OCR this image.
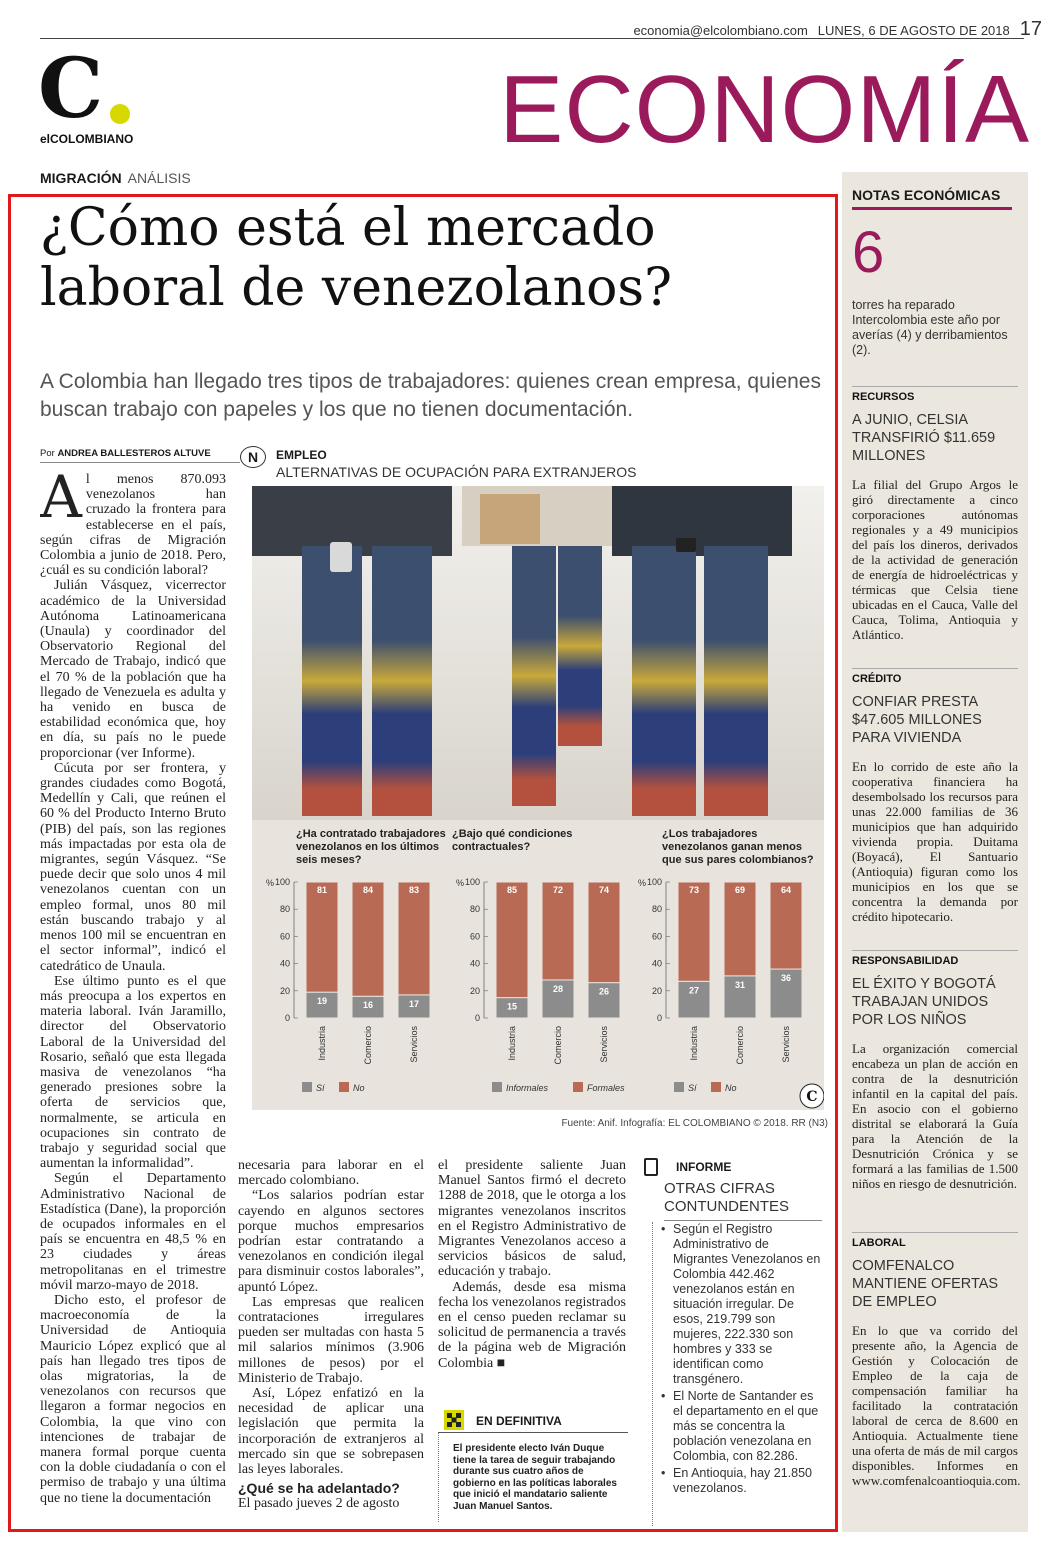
economia@elcolombiano.com LUNES, 6 DE AGOSTO DE 2018 17
C
elCOLOMBIANO	ECONOMÍA
MIGRACIÓN ANÁLISIS
NOTAS ECONÓMICAS
6
torres ha reparado Intercolombia este año por averías (4) y derribamientos (2).
RECURSOS
A JUNIO, CELSIA TRANSFIRIÓ $11.659 MILLONES
La filial del Grupo Argos le giró directamente a cinco corporaciones autónomas regionales y a 49 municipios del país los dineros, derivados de la actividad de generación de energía de hidroeléctricas y térmicas que Celsia tiene ubicadas en el Cauca, Valle del Cauca, Tolima, Antioquia y Atlántico.
CRÉDITO
CONFIAR PRESTA $47.605 MILLONES PARA VIVIENDA
En lo corrido de este año la cooperativa financiera ha desembolsado los recursos para unas 22.000 familias de 36 municipios que han adquirido vivienda propia. Duitama (Boyacá), El Santuario (Antioquia) figuran como los municipios en los que se concentra la demanda por crédito hipotecario.
RESPONSABILIDAD
EL ÉXITO Y BOGOTÁ TRABAJAN UNIDOS POR LOS NIÑOS
La organización comercial encabeza un plan de acción en contra de la desnutrición infantil en la capital del país. En asocio con el gobierno distrital se elaborará la Guía para la Atención de la Desnutrición Crónica y se formará a las familias de 1.500 niños en riesgo de desnutrición.
LABORAL
COMFENALCO MANTIENE OFERTAS DE EMPLEO
En lo que va corrido del presente año, la Agencia de Gestión y Colocación de Empleo de la caja de compensación familiar ha facilitado la contratación laboral de cerca de 8.600 en Antioquia. Actualmente tiene una oferta de más de mil cargos disponibles. Informes en www.comfenalcoantioquia.com.
¿Cómo está el mercado
laboral de venezolanos?
A Colombia han llegado tres tipos de trabajadores: quienes crean empresa, quienes buscan trabajo con papeles y los que no tienen documentación.
Por ANDREA BALLESTEROS ALTUVE

Al menos 870.093 venezolanos han cruzado la frontera para establecerse en el país, según cifras de Migración Colombia a junio de 2018. Pero, ¿cuál es su condición laboral?

Julián Vásquez, vicerrector académico de la Universidad Autónoma Latinoamericana (Unaula) y coordinador del Observatorio Regional del Mercado de Trabajo, indicó que el 70 % de la población que ha llegado de Venezuela es adulta y ha venido en busca de estabilidad económica que, hoy en día, su país no le puede proporcionar (ver Informe).

Cúcuta por ser frontera, y grandes ciudades como Bogotá, Medellín y Cali, que reúnen el 60 % del Producto Interno Bruto (PIB) del país, son las regiones más impactadas por esta ola de migrantes, según Vásquez. “Se puede decir que solo unos 4 mil venezolanos cuentan con un empleo formal, unos 80 mil están buscando trabajo y al menos 100 mil se encuentran en el sector informal”, indicó el catedrático de Unaula.

Ese último punto es el que más preocupa a los expertos en materia laboral. Iván Jaramillo, director del Observatorio Laboral de la Universidad del Rosario, señaló que esta llegada masiva de venezolanos “ha generado presiones sobre la oferta de servicios que, normalmente, se articula en ocupaciones sin contrato de trabajo y seguridad social que aumentan la informalidad”.

Según el Departamento Administrativo Nacional de Estadística (Dane), la proporción de ocupados informales en el país se encuentra en 48,5 % en 23 ciudades y áreas metropolitanas en el trimestre móvil marzo-mayo de 2018.

Dicho esto, el profesor de macroeconomía de la Universidad de Antioquia Mauricio López explicó que al país han llegado tres tipos de olas migratorias, la de venezolanos con recursos que llegaron a formar negocios en Colombia, la que vino con intenciones de trabajar de manera formal porque cuenta con la doble ciudadanía o con el permiso de trabajo y una última que no tiene la documentación

necesaria para laborar en el mercado colombiano.

“Los salarios podrían estar cayendo en algunos sectores porque muchos empresarios podrían estar contratando a venezolanos en condición ilegal para disminuir costos laborales”, apuntó López.

Las empresas que realicen contrataciones irregulares pueden ser multadas con hasta 5 mil salarios mínimos (3.906 millones de pesos) por el Ministerio de Trabajo.

Así, López enfatizó en la necesidad de aplicar una legislación que permita la incorporación de extranjeros al mercado sin que se sobrepasen las leyes laborales.

¿Qué se ha adelantado?

El pasado jueves 2 de agosto

el presidente saliente Juan Manuel Santos firmó el decreto 1288 de 2018, que le otorga a los migrantes venezolanos inscritos en el Registro Administrativo de Migrantes Venezolanos acceso a servicios básicos de salud, educación y trabajo.

Además, desde esa misma fecha los venezolanos registrados en el censo pueden reclamar su solicitud de permanencia a través de la página web de Migración Colombia ■

N	EMPLEO
ALTERNATIVAS DE OCUPACIÓN PARA EXTRANJEROS
¿Ha contratado trabajadores venezolanos en los últimos seis meses?
¿Bajo qué condiciones contractuales?
¿Los trabajadores venezolanos ganan menos que sus pares colombianos?
%
0
20
40
60
80
100
19
81
Industria
16
84
Comercio
17
83
Servicios
Sí	No
%
0
20
40
60
80
100
15
85
Industria
28
72
Comercio
26
74
Servicios
Informales	Formales
%
0
20
40
60
80
100
27
73
Industria
31
69
Comercio
36
64
Servicios
Sí	No
C
Fuente: Anif. Infografía: EL COLOMBIANO © 2018. RR (N3)
INFORME
OTRAS CIFRAS CONTUNDENTES
• Según el Registro Administrativo de Migrantes Venezolanos en Colombia 442.462 venezolanos están en situación irregular. De esos, 219.799 son mujeres, 222.330 son hombres y 333 se identifican como transgénero.
• El Norte de Santander es el departamento en el que más se concentra la población venezolana en Colombia, con 82.286.
• En Antioquia, hay 21.850 venezolanos.
EN DEFINITIVA
El presidente electo Iván Duque tiene la tarea de seguir trabajando durante sus cuatro años de gobierno en las políticas laborales que inició el mandatario saliente Juan Manuel Santos.
